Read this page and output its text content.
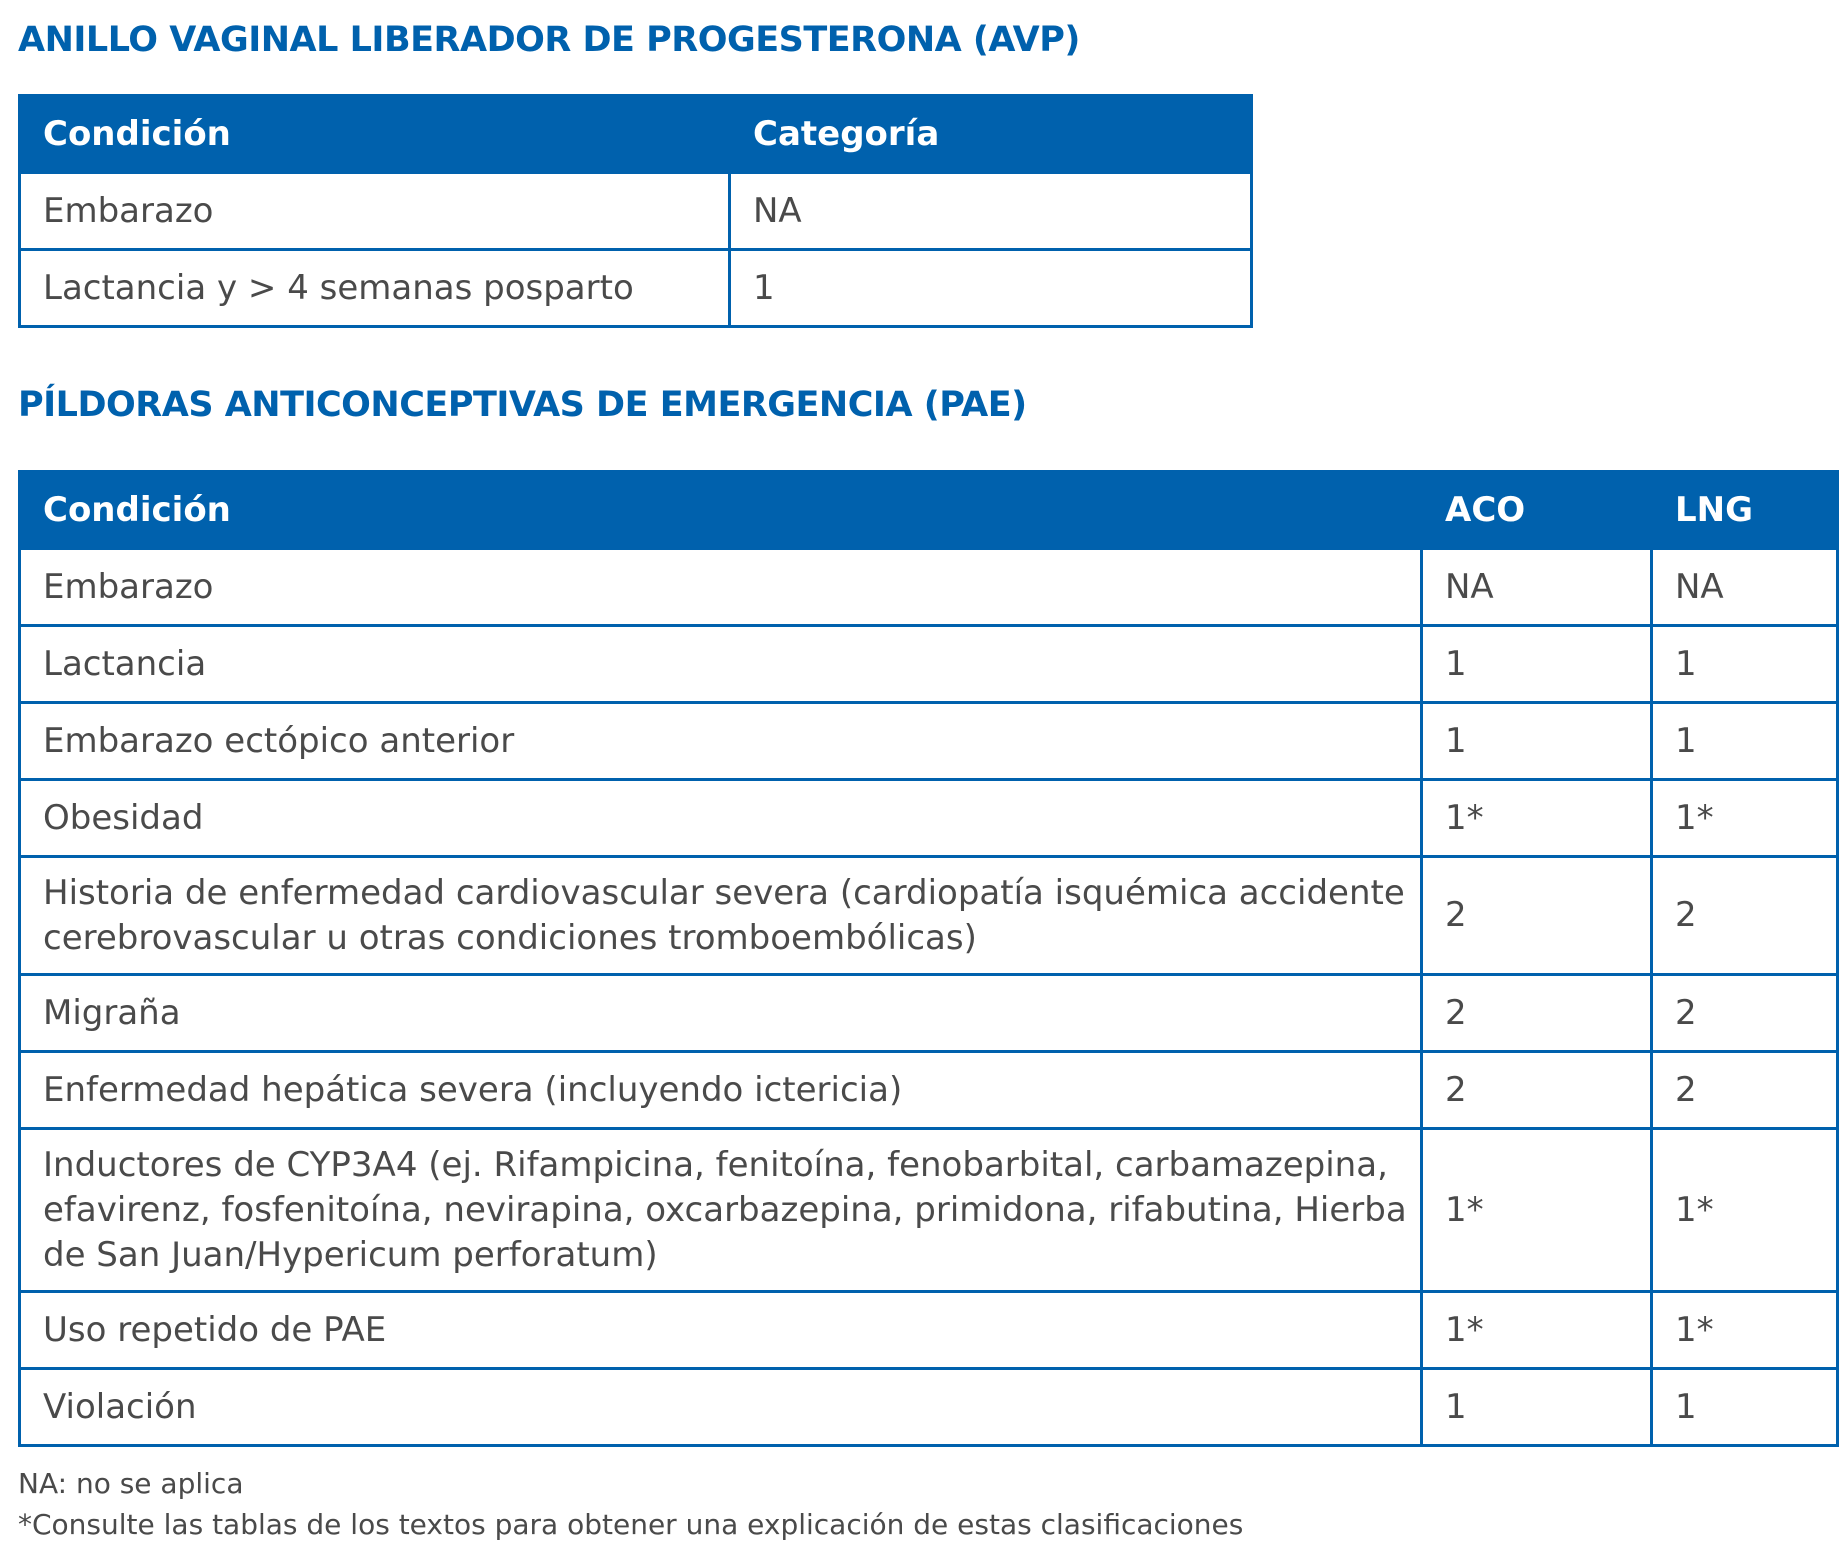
ANILLO VAGINAL LIBERADOR DE PROGESTERONA (AVP)
Condición	Categoría
Embarazo	NA
Lactancia y > 4 semanas posparto	1
PÍLDORAS ANTICONCEPTIVAS DE EMERGENCIA (PAE)
Condición	ACO	LNG
Embarazo	NA	NA
Lactancia	1	1
Embarazo ectópico anterior	1	1
Obesidad	1*	1*
Historia de enfermedad cardiovascular severa (cardiopatía isquémica accidente cerebrovascular u otras condiciones tromboembólicas)	2	2
Migraña	2	2
Enfermedad hepática severa (incluyendo ictericia)	2	2
Inductores de CYP3A4 (ej. Rifampicina, fenitoína, fenobarbital, carbamazepina, efavirenz, fosfenitoína, nevirapina, oxcarbazepina, primidona, rifabutina, Hierba de San Juan/Hypericum perforatum)	1*	1*
Uso repetido de PAE	1*	1*
Violación	1	1

NA: no se aplica

*Consulte las tablas de los textos para obtener una explicación de estas clasificaciones
